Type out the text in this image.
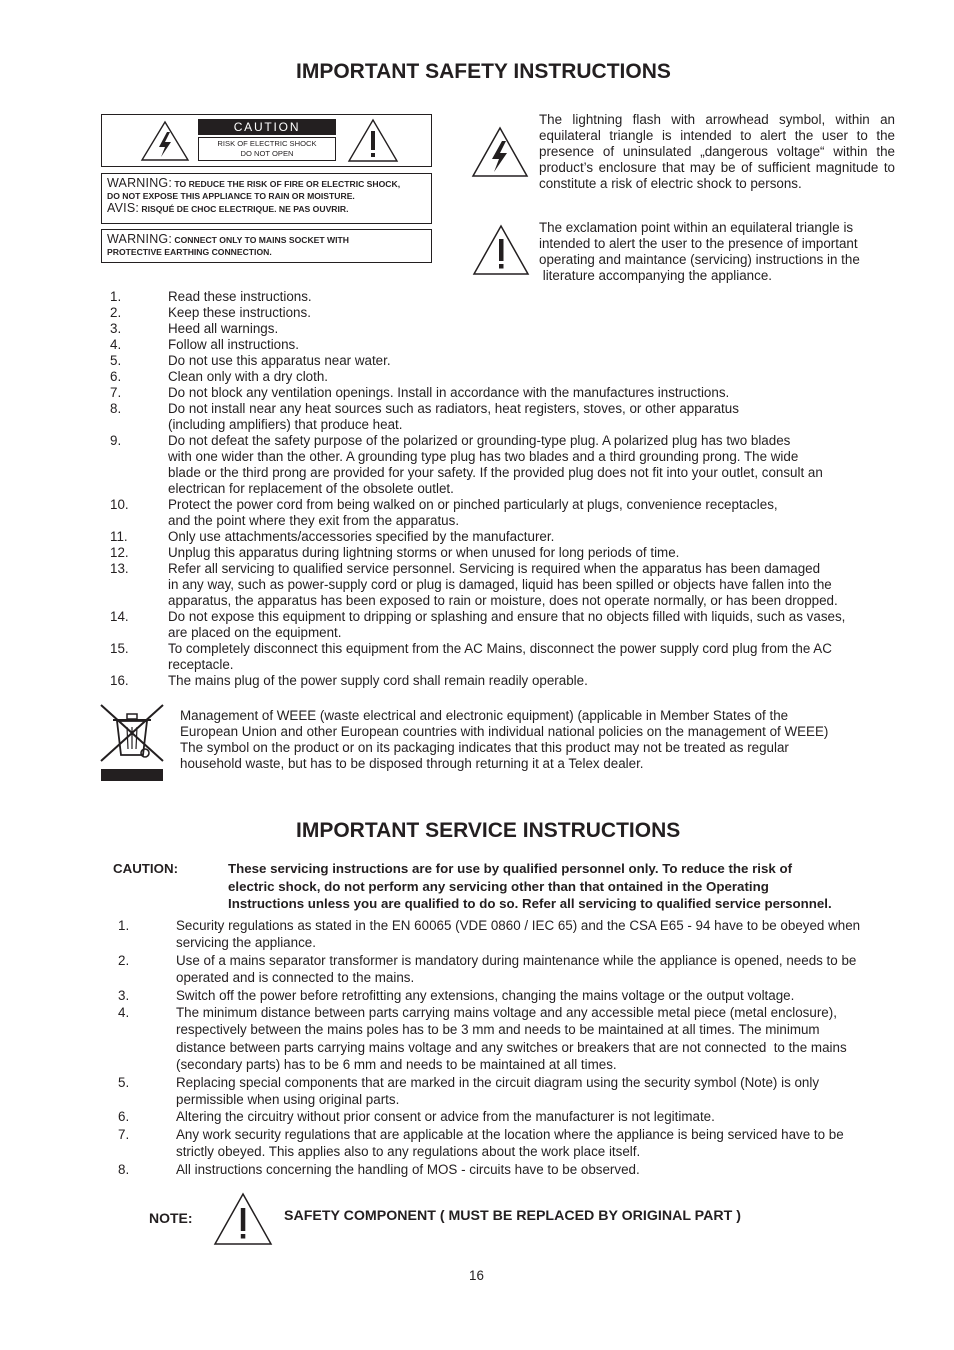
IMPORTANT SAFETY INSTRUCTIONS
CAUTION
RISK OF ELECTRIC SHOCK
DO NOT OPEN
WARNING: TO REDUCE THE RISK OF FIRE OR ELECTRIC SHOCK,
DO NOT EXPOSE THIS APPLIANCE TO RAIN OR MOISTURE.
AVIS: RISQUÉ DE CHOC ELECTRIQUE. NE PAS OUVRIR.
WARNING: CONNECT ONLY TO MAINS SOCKET WITH
PROTECTIVE EARTHING CONNECTION.
The lightning flash with arrowhead symbol, within an equilateral triangle is intended to alert the user to the presence of uninsulated „dangerous voltage“ within the product’s enclosure that may be of sufficient magnitude to constitute a risk of electric shock to persons.
The exclamation point within an equilateral triangle is
intended to alert the user to the presence of important
operating and maintance (servicing) instructions in the
literature accompanying the appliance.
1.	Read these instructions.
2.	Keep these instructions.
3.	Heed all warnings.
4.	Follow all instructions.
5.	Do not use this apparatus near water.
6.	Clean only with a dry cloth.
7.	Do not block any ventilation openings. Install in accordance with the manufactures instructions.
8.	Do not install near any heat sources such as radiators, heat registers, stoves, or other apparatus
(including amplifiers) that produce heat.
9.	Do not defeat the safety purpose of the polarized or grounding-type plug. A polarized plug has two blades
with one wider than the other. A grounding type plug has two blades and a third grounding prong. The wide
blade or the third prong are provided for your safety. If the provided plug does not fit into your outlet, consult an
electrican for replacement of the obsolete outlet.
10.	Protect the power cord from being walked on or pinched particularly at plugs, convenience receptacles,
and the point where they exit from the apparatus.
11.	Only use attachments/accessories specified by the manufacturer.
12.	Unplug this apparatus during lightning storms or when unused for long periods of time.
13.	Refer all servicing to qualified service personnel. Servicing is required when the apparatus has been damaged
in any way, such as power-supply cord or plug is damaged, liquid has been spilled or objects have fallen into the
apparatus, the apparatus has been exposed to rain or moisture, does not operate normally, or has been dropped.
14.	Do not expose this equipment to dripping or splashing and ensure that no objects filled with liquids, such as vases,
are placed on the equipment.
15.	To completely disconnect this equipment from the AC Mains, disconnect the power supply cord plug from the AC
receptacle.
16.	The mains plug of the power supply cord shall remain readily operable.
Management of WEEE (waste electrical and electronic equipment) (applicable in Member States of the
European Union and other European countries with individual national policies on the management of WEEE)
The symbol on the product or on its packaging indicates that this product may not be treated as regular
household waste, but has to be disposed through returning it at a Telex dealer.
IMPORTANT SERVICE INSTRUCTIONS
CAUTION:	These servicing instructions are for use by qualified personnel only. To reduce the risk of
electric shock, do not perform any servicing other than that ontained in the Operating
Instructions unless you are qualified to do so. Refer all servicing to qualified service personnel.
1.	Security regulations as stated in the EN 60065 (VDE 0860 / IEC 65) and the CSA E65 - 94 have to be obeyed when
servicing the appliance.
2.	Use of a mains separator transformer is mandatory during maintenance while the appliance is opened, needs to be
operated and is connected to the mains.
3.	Switch off the power before retrofitting any extensions, changing the mains voltage or the output voltage.
4.	The minimum distance between parts carrying mains voltage and any accessible metal piece (metal enclosure),
respectively between the mains poles has to be 3 mm and needs to be maintained at all times. The minimum
distance between parts carrying mains voltage and any switches or breakers that are not connected  to the mains
(secondary parts) has to be 6 mm and needs to be maintained at all times.
5.	Replacing special components that are marked in the circuit diagram using the security symbol (Note) is only
permissible when using original parts.
6.	Altering the circuitry without prior consent or advice from the manufacturer is not legitimate.
7.	Any work security regulations that are applicable at the location where the appliance is being serviced have to be
strictly obeyed. This applies also to any regulations about the work place itself.
8.	All instructions concerning the handling of MOS - circuits have to be observed.
NOTE:	SAFETY COMPONENT ( MUST BE REPLACED BY ORIGINAL PART )
16
